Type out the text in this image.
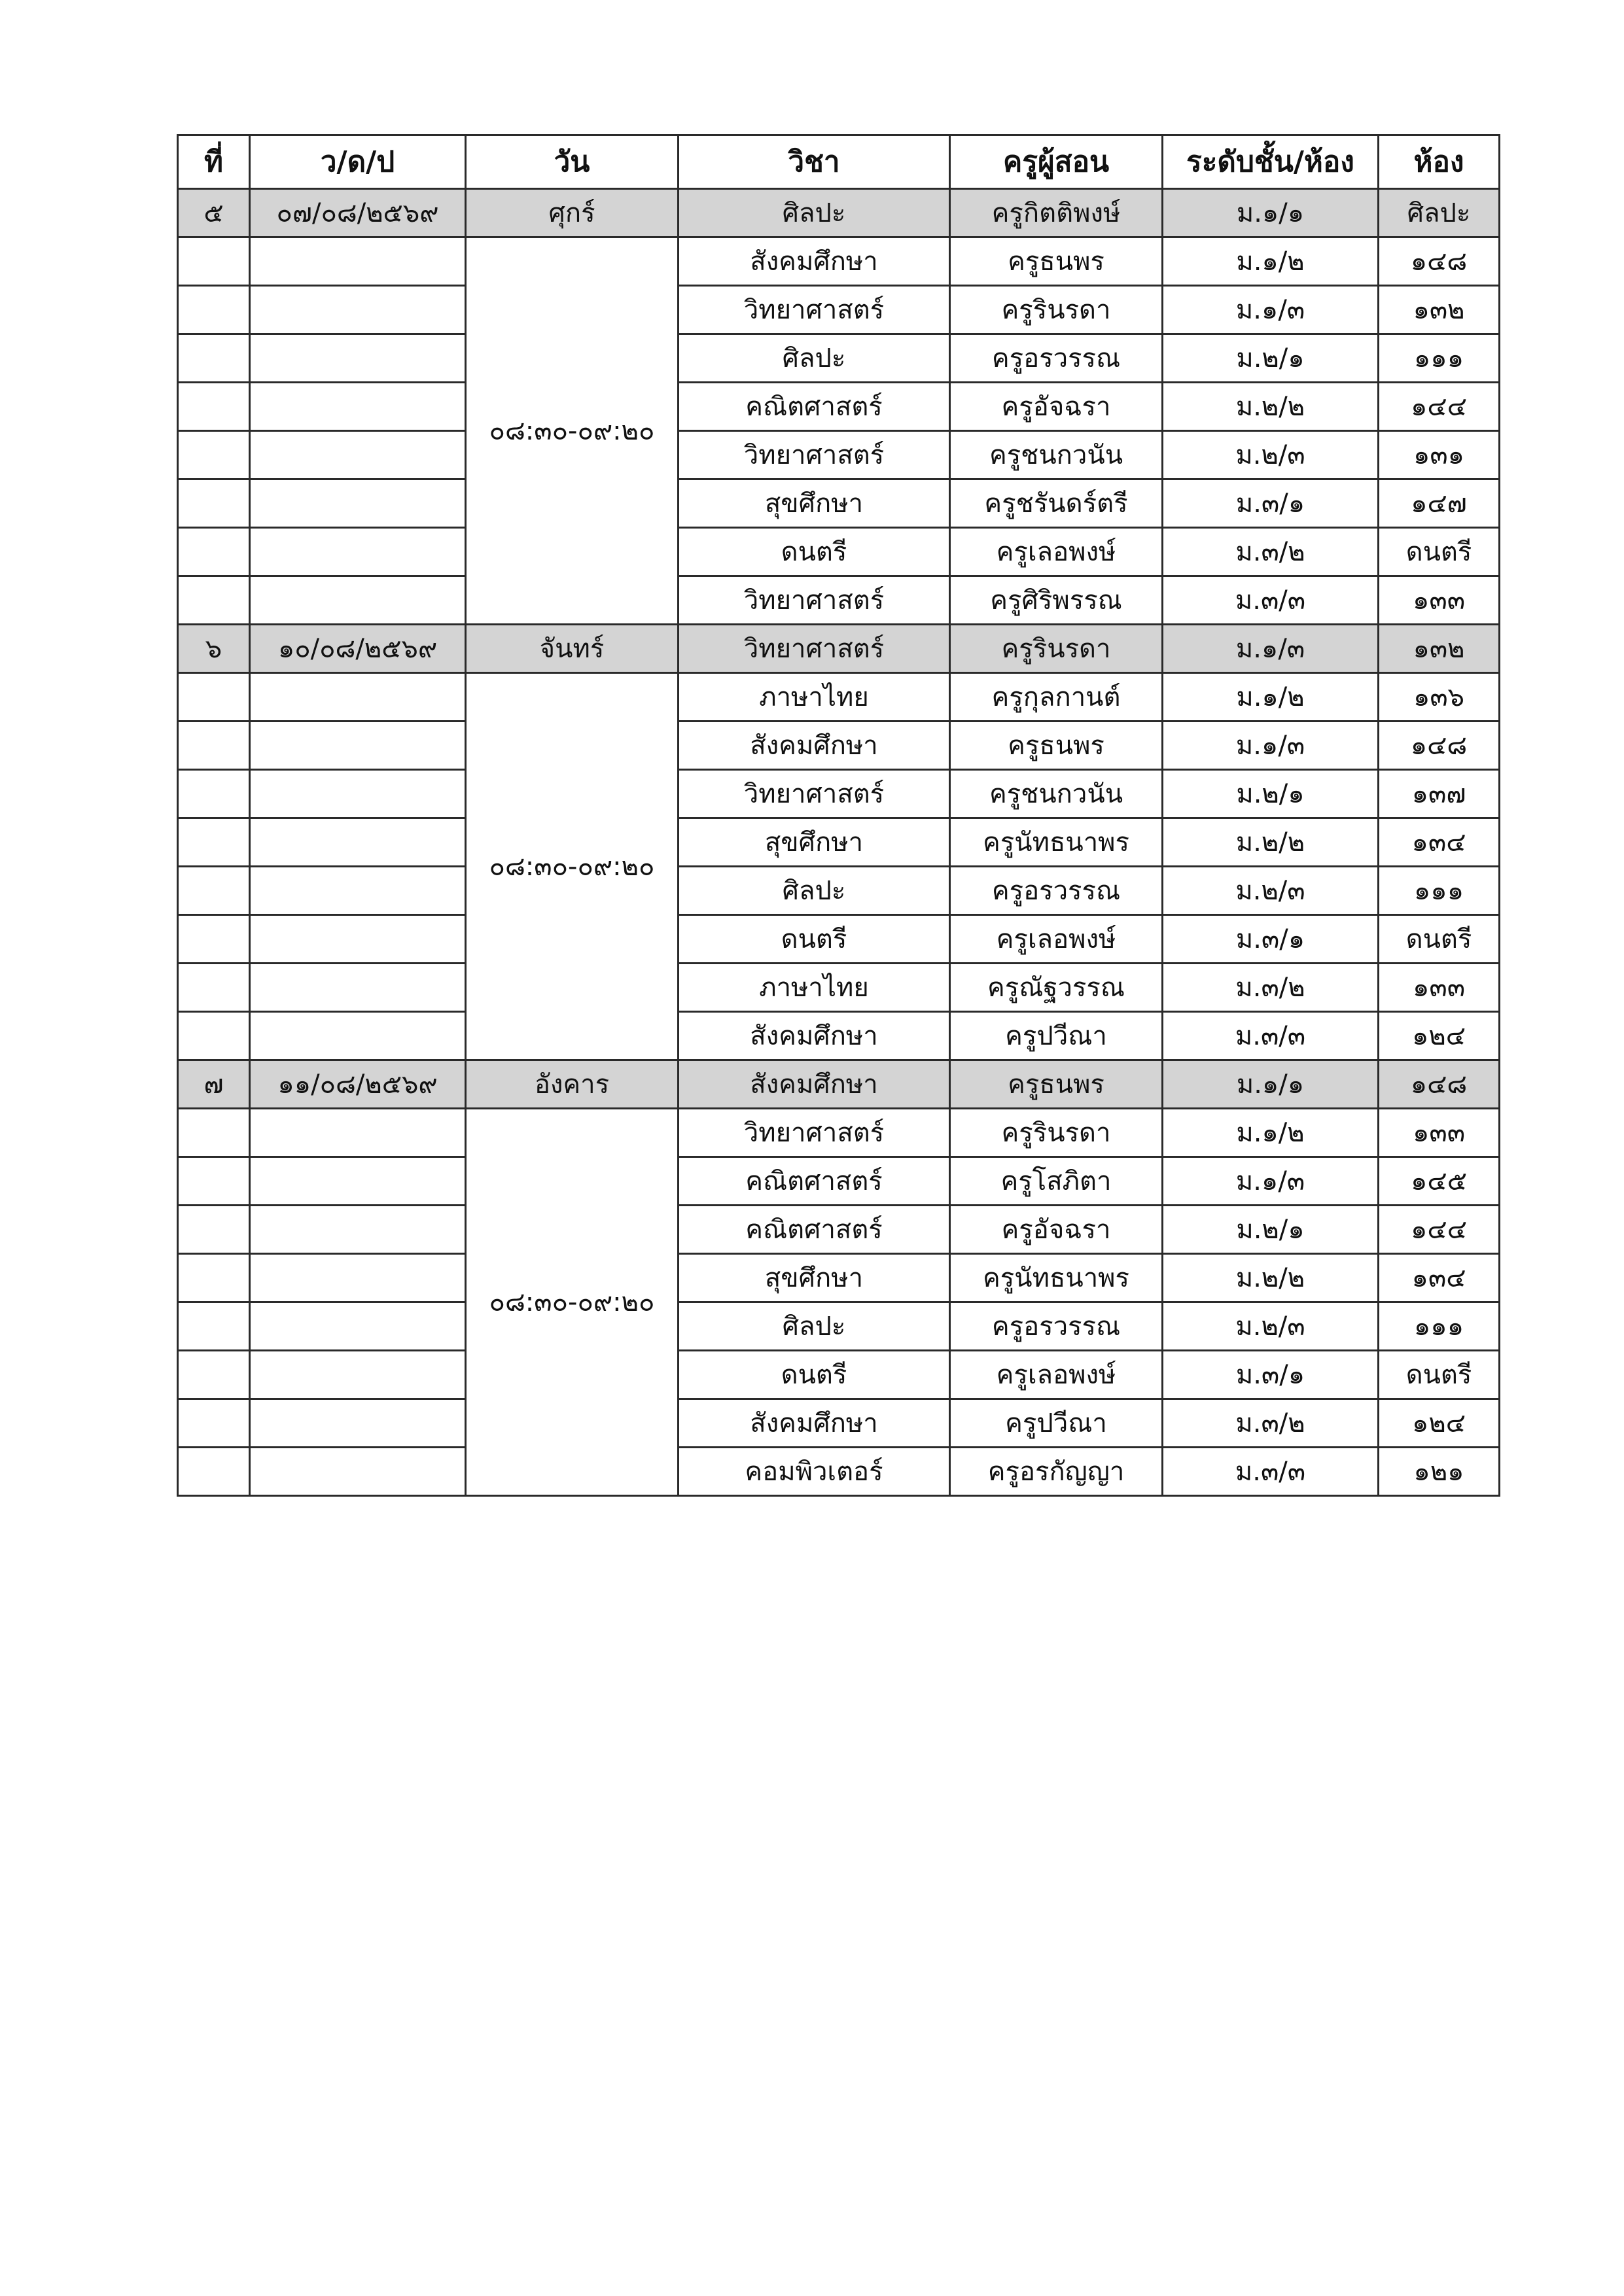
ที่	ว/ด/ป	วัน	วิชา	ครูผู้สอน	ระดับชั้น/ห้อง	ห้อง
๕	๐๗/๐๘/๒๕๖๙	ศุกร์	ศิลปะ	ครูกิตติพงษ์	ม.๑/๑	ศิลปะ
		๐๘:๓๐-๐๙:๒๐	สังคมศึกษา	ครูธนพร	ม.๑/๒	๑๔๘
			วิทยาศาสตร์	ครูรินรดา	ม.๑/๓	๑๓๒
			ศิลปะ	ครูอรวรรณ	ม.๒/๑	๑๑๑
			คณิตศาสตร์	ครูอัจฉรา	ม.๒/๒	๑๔๔
			วิทยาศาสตร์	ครูชนกวนัน	ม.๒/๓	๑๓๑
			สุขศึกษา	ครูชรันดร์ตรี	ม.๓/๑	๑๔๗
			ดนตรี	ครูเลอพงษ์	ม.๓/๒	ดนตรี
			วิทยาศาสตร์	ครูศิริพรรณ	ม.๓/๓	๑๓๓
๖	๑๐/๐๘/๒๕๖๙	จันทร์	วิทยาศาสตร์	ครูรินรดา	ม.๑/๓	๑๓๒
		๐๘:๓๐-๐๙:๒๐	ภาษาไทย	ครูกุลกานต์	ม.๑/๒	๑๓๖
			สังคมศึกษา	ครูธนพร	ม.๑/๓	๑๔๘
			วิทยาศาสตร์	ครูชนกวนัน	ม.๒/๑	๑๓๗
			สุขศึกษา	ครูนัทธนาพร	ม.๒/๒	๑๓๔
			ศิลปะ	ครูอรวรรณ	ม.๒/๓	๑๑๑
			ดนตรี	ครูเลอพงษ์	ม.๓/๑	ดนตรี
			ภาษาไทย	ครูณัฐวรรณ	ม.๓/๒	๑๓๓
			สังคมศึกษา	ครูปวีณา	ม.๓/๓	๑๒๔
๗	๑๑/๐๘/๒๕๖๙	อังคาร	สังคมศึกษา	ครูธนพร	ม.๑/๑	๑๔๘
		๐๘:๓๐-๐๙:๒๐	วิทยาศาสตร์	ครูรินรดา	ม.๑/๒	๑๓๓
			คณิตศาสตร์	ครูโสภิตา	ม.๑/๓	๑๔๕
			คณิตศาสตร์	ครูอัจฉรา	ม.๒/๑	๑๔๔
			สุขศึกษา	ครูนัทธนาพร	ม.๒/๒	๑๓๔
			ศิลปะ	ครูอรวรรณ	ม.๒/๓	๑๑๑
			ดนตรี	ครูเลอพงษ์	ม.๓/๑	ดนตรี
			สังคมศึกษา	ครูปวีณา	ม.๓/๒	๑๒๔
			คอมพิวเตอร์	ครูอรกัญญา	ม.๓/๓	๑๒๑
